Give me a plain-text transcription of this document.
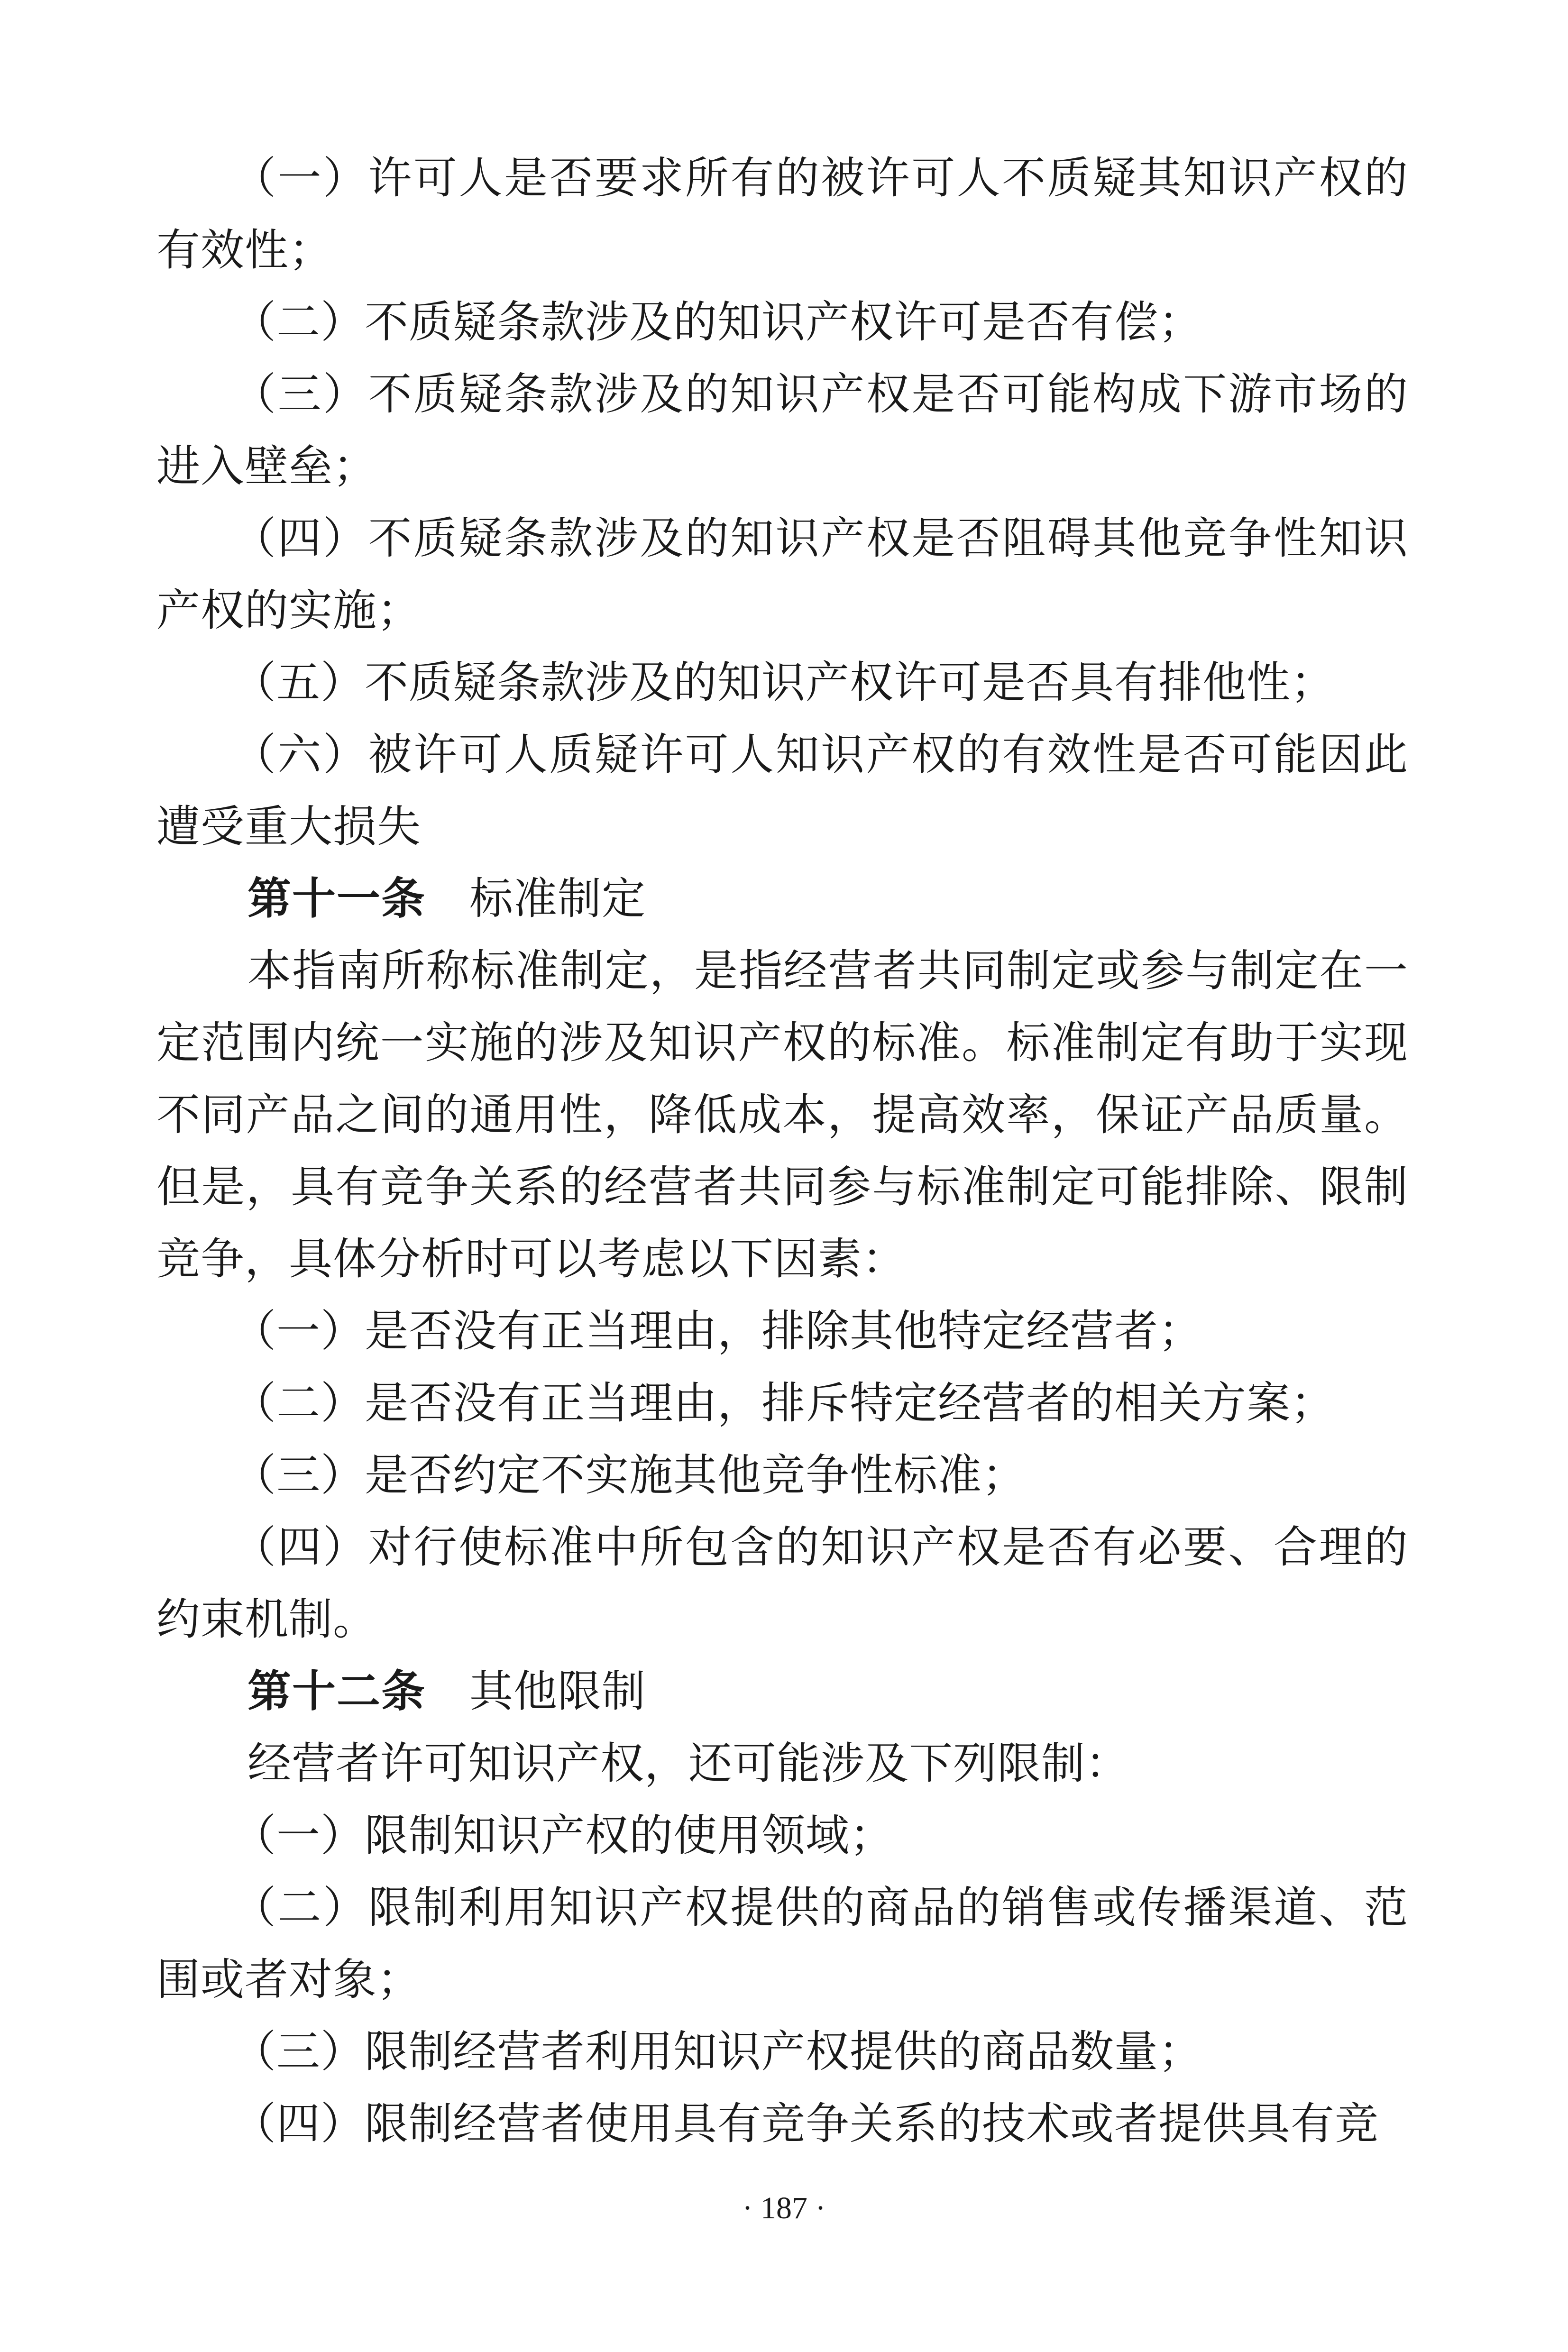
（一）许可人是否要求所有的被许可人不质疑其知识产权的有效性；

（二）不质疑条款涉及的知识产权许可是否有偿；

（三）不质疑条款涉及的知识产权是否可能构成下游市场的进入壁垒；

（四）不质疑条款涉及的知识产权是否阻碍其他竞争性知识产权的实施；

（五）不质疑条款涉及的知识产权许可是否具有排他性；

（六）被许可人质疑许可人知识产权的有效性是否可能因此遭受重大损失

第十一条 标准制定

本指南所称标准制定，是指经营者共同制定或参与制定在一定范围内统一实施的涉及知识产权的标准。标准制定有助于实现不同产品之间的通用性，降低成本，提高效率，保证产品质量。但是，具有竞争关系的经营者共同参与标准制定可能排除、限制竞争，具体分析时可以考虑以下因素：

（一）是否没有正当理由，排除其他特定经营者；

（二）是否没有正当理由，排斥特定经营者的相关方案；

（三）是否约定不实施其他竞争性标准；

（四）对行使标准中所包含的知识产权是否有必要、合理的约束机制。

第十二条 其他限制

经营者许可知识产权，还可能涉及下列限制：

（一）限制知识产权的使用领域；

（二）限制利用知识产权提供的商品的销售或传播渠道、范围或者对象；

（三）限制经营者利用知识产权提供的商品数量；

（四）限制经营者使用具有竞争关系的技术或者提供具有竞

· 187 ·
